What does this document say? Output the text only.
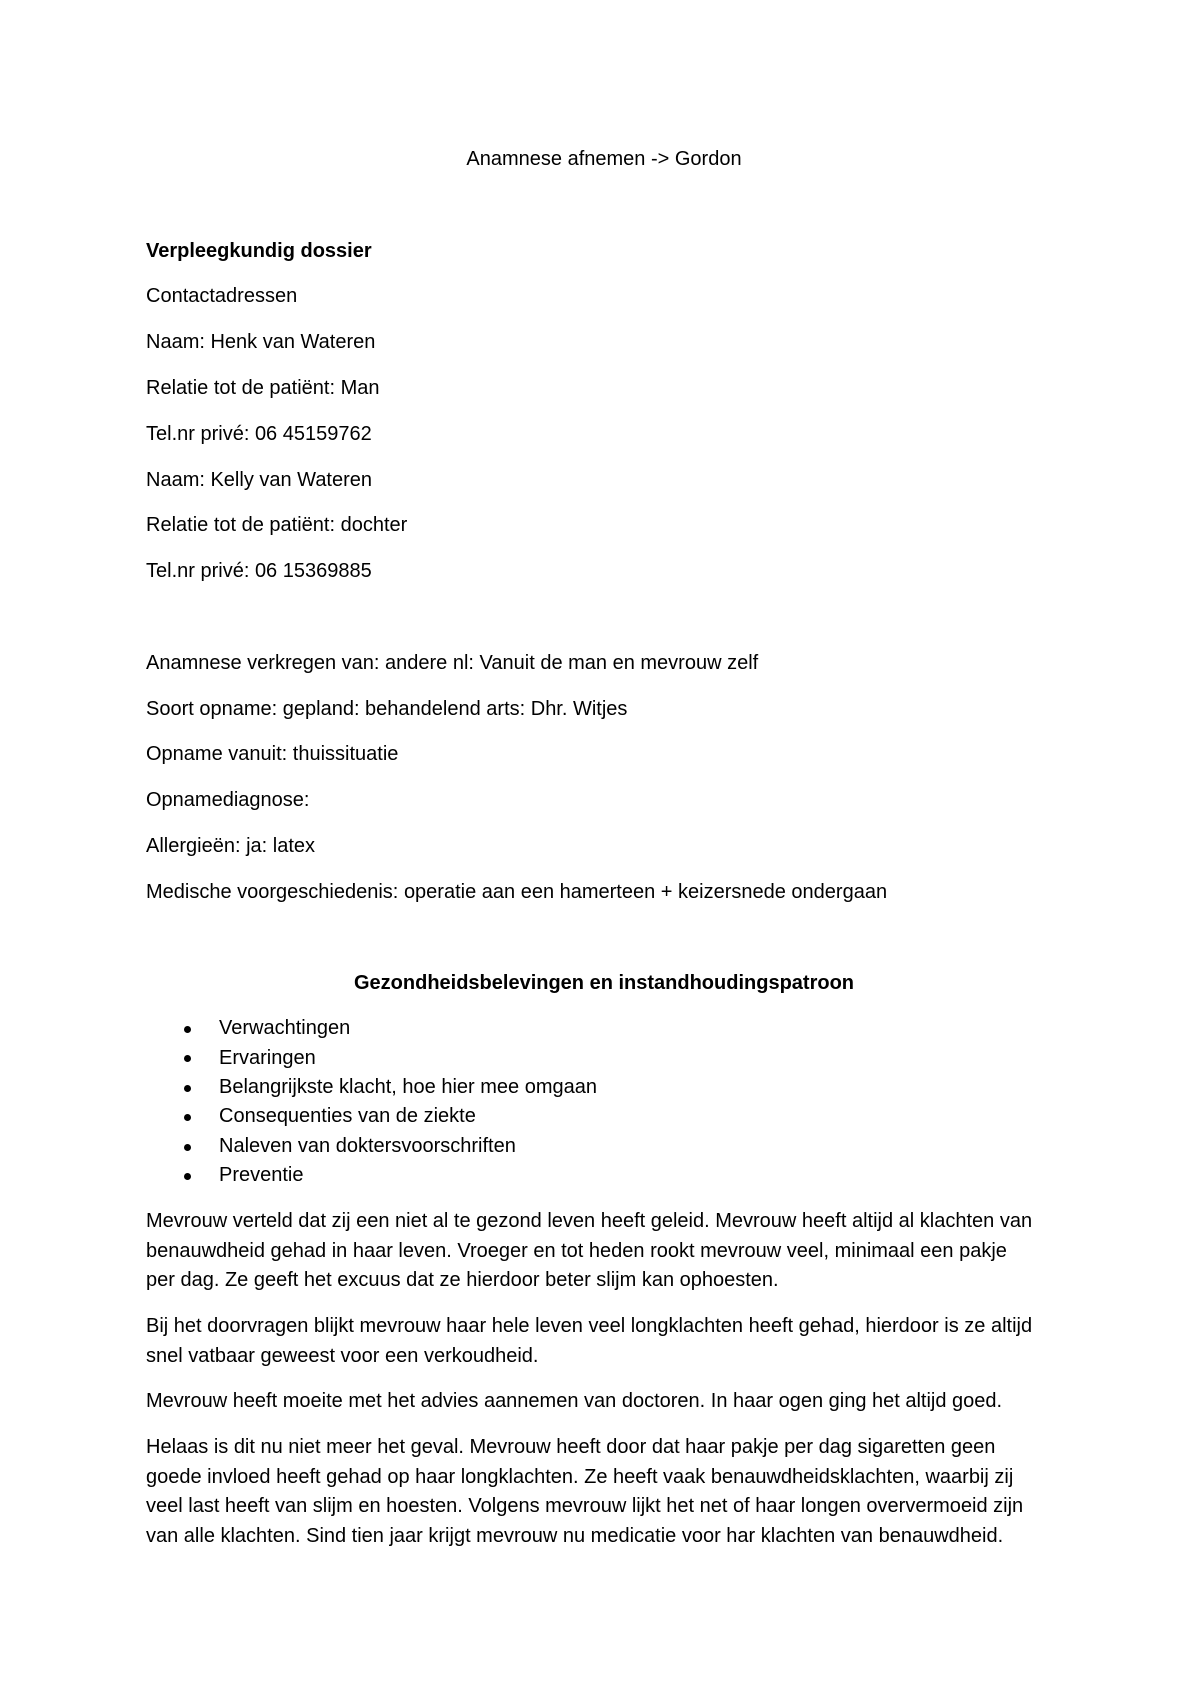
Anamnese afnemen -> Gordon
Verpleegkundig dossier
Contactadressen
Naam: Henk van Wateren
Relatie tot de patiënt: Man
Tel.nr privé: 06 45159762
Naam: Kelly van Wateren
Relatie tot de patiënt: dochter
Tel.nr privé: 06 15369885
Anamnese verkregen van: andere nl: Vanuit de man en mevrouw zelf
Soort opname: gepland: behandelend arts: Dhr. Witjes
Opname vanuit: thuissituatie
Opnamediagnose:
Allergieën: ja: latex
Medische voorgeschiedenis: operatie aan een hamerteen + keizersnede ondergaan
Gezondheidsbelevingen en instandhoudingspatroon
Verwachtingen
Ervaringen
Belangrijkste klacht, hoe hier mee omgaan
Consequenties van de ziekte
Naleven van doktersvoorschriften
Preventie
Mevrouw verteld dat zij een niet al te gezond leven heeft geleid. Mevrouw heeft altijd al klachten van
benauwdheid gehad in haar leven. Vroeger en tot heden rookt mevrouw veel, minimaal een pakje
per dag. Ze geeft het excuus dat ze hierdoor beter slijm kan ophoesten.
Bij het doorvragen blijkt mevrouw haar hele leven veel longklachten heeft gehad, hierdoor is ze altijd
snel vatbaar geweest voor een verkoudheid.
Mevrouw heeft moeite met het advies aannemen van doctoren. In haar ogen ging het altijd goed.
Helaas is dit nu niet meer het geval. Mevrouw heeft door dat haar pakje per dag sigaretten geen
goede invloed heeft gehad op haar longklachten. Ze heeft vaak benauwdheidsklachten, waarbij zij
veel last heeft van slijm en hoesten. Volgens mevrouw lijkt het net of haar longen oververmoeid zijn
van alle klachten. Sind tien jaar krijgt mevrouw nu medicatie voor har klachten van benauwdheid.
